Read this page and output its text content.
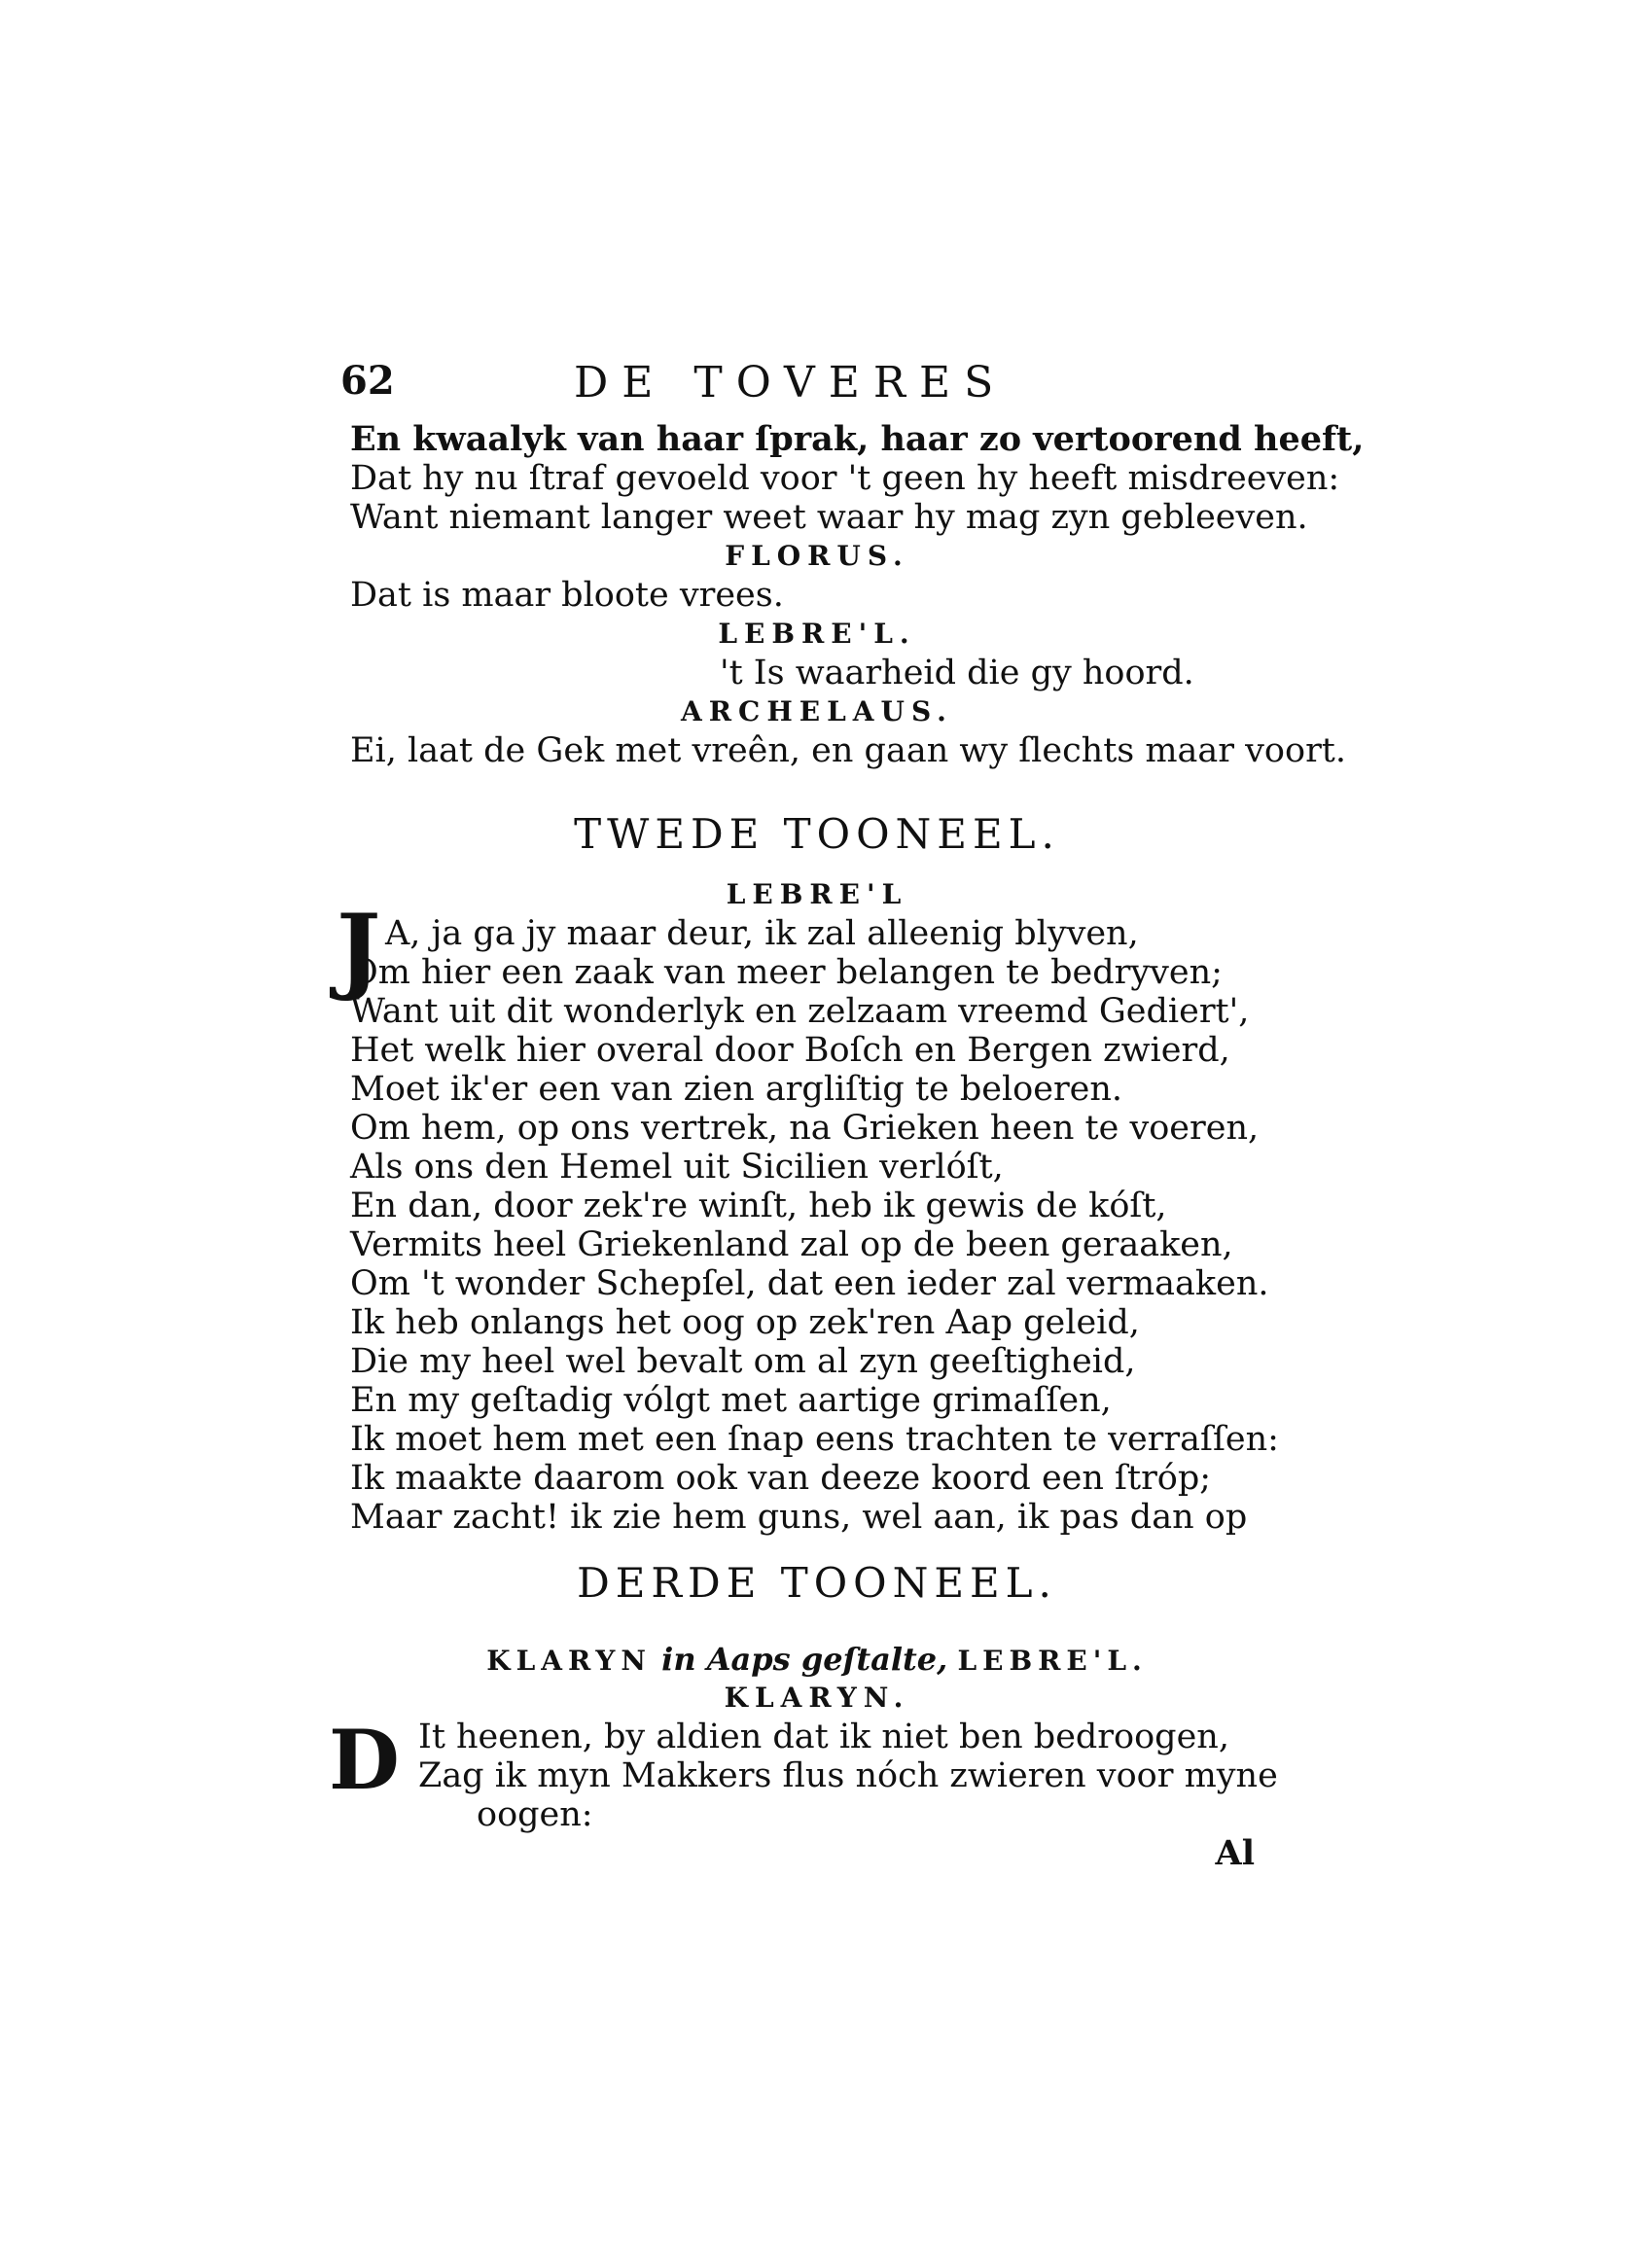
62	DE TOVERES
En kwaalyk van haar ſprak, haar zo vertoorend heeft,
Dat hy nu ſtraf gevoeld voor 't geen hy heeft misdreeven:
Want niemant langer weet waar hy mag zyn gebleeven.
FLORUS.
Dat is maar bloote vrees.
LEBRE'L.
't Is waarheid die gy hoord.
ARCHELAUS.
Ei, laat de Gek met vreên, en gaan wy ſlechts maar voort.
TWEDE TOONEEL.
LEBRE'L
J A, ja ga jy maar deur, ik zal alleenig blyven,
Om hier een zaak van meer belangen te bedryven;
Want uit dit wonderlyk en zelzaam vreemd Gediert',
Het welk hier overal door Boſch en Bergen zwierd,
Moet ik'er een van zien argliſtig te beloeren.
Om hem, op ons vertrek, na Grieken heen te voeren,
Als ons den Hemel uit Sicilien verlóſt,
En dan, door zek're winſt, heb ik gewis de kóſt,
Vermits heel Griekenland zal op de been geraaken,
Om 't wonder Schepſel, dat een ieder zal vermaaken.
Ik heb onlangs het oog op zek'ren Aap geleid,
Die my heel wel bevalt om al zyn geeſtigheid,
En my geſtadig vólgt met aartige grimaſſen,
Ik moet hem met een ſnap eens trachten te verraſſen:
Ik maakte daarom ook van deeze koord een ſtróp;
Maar zacht! ik zie hem guns, wel aan, ik pas dan op
DERDE TOONEEL.
KLARYN in Aaps geſtalte, LEBRE'L.
KLARYN.
D It heenen, by aldien dat ik niet ben bedroogen,
Zag ik myn Makkers flus nóch zwieren voor myne
oogen:
Al
